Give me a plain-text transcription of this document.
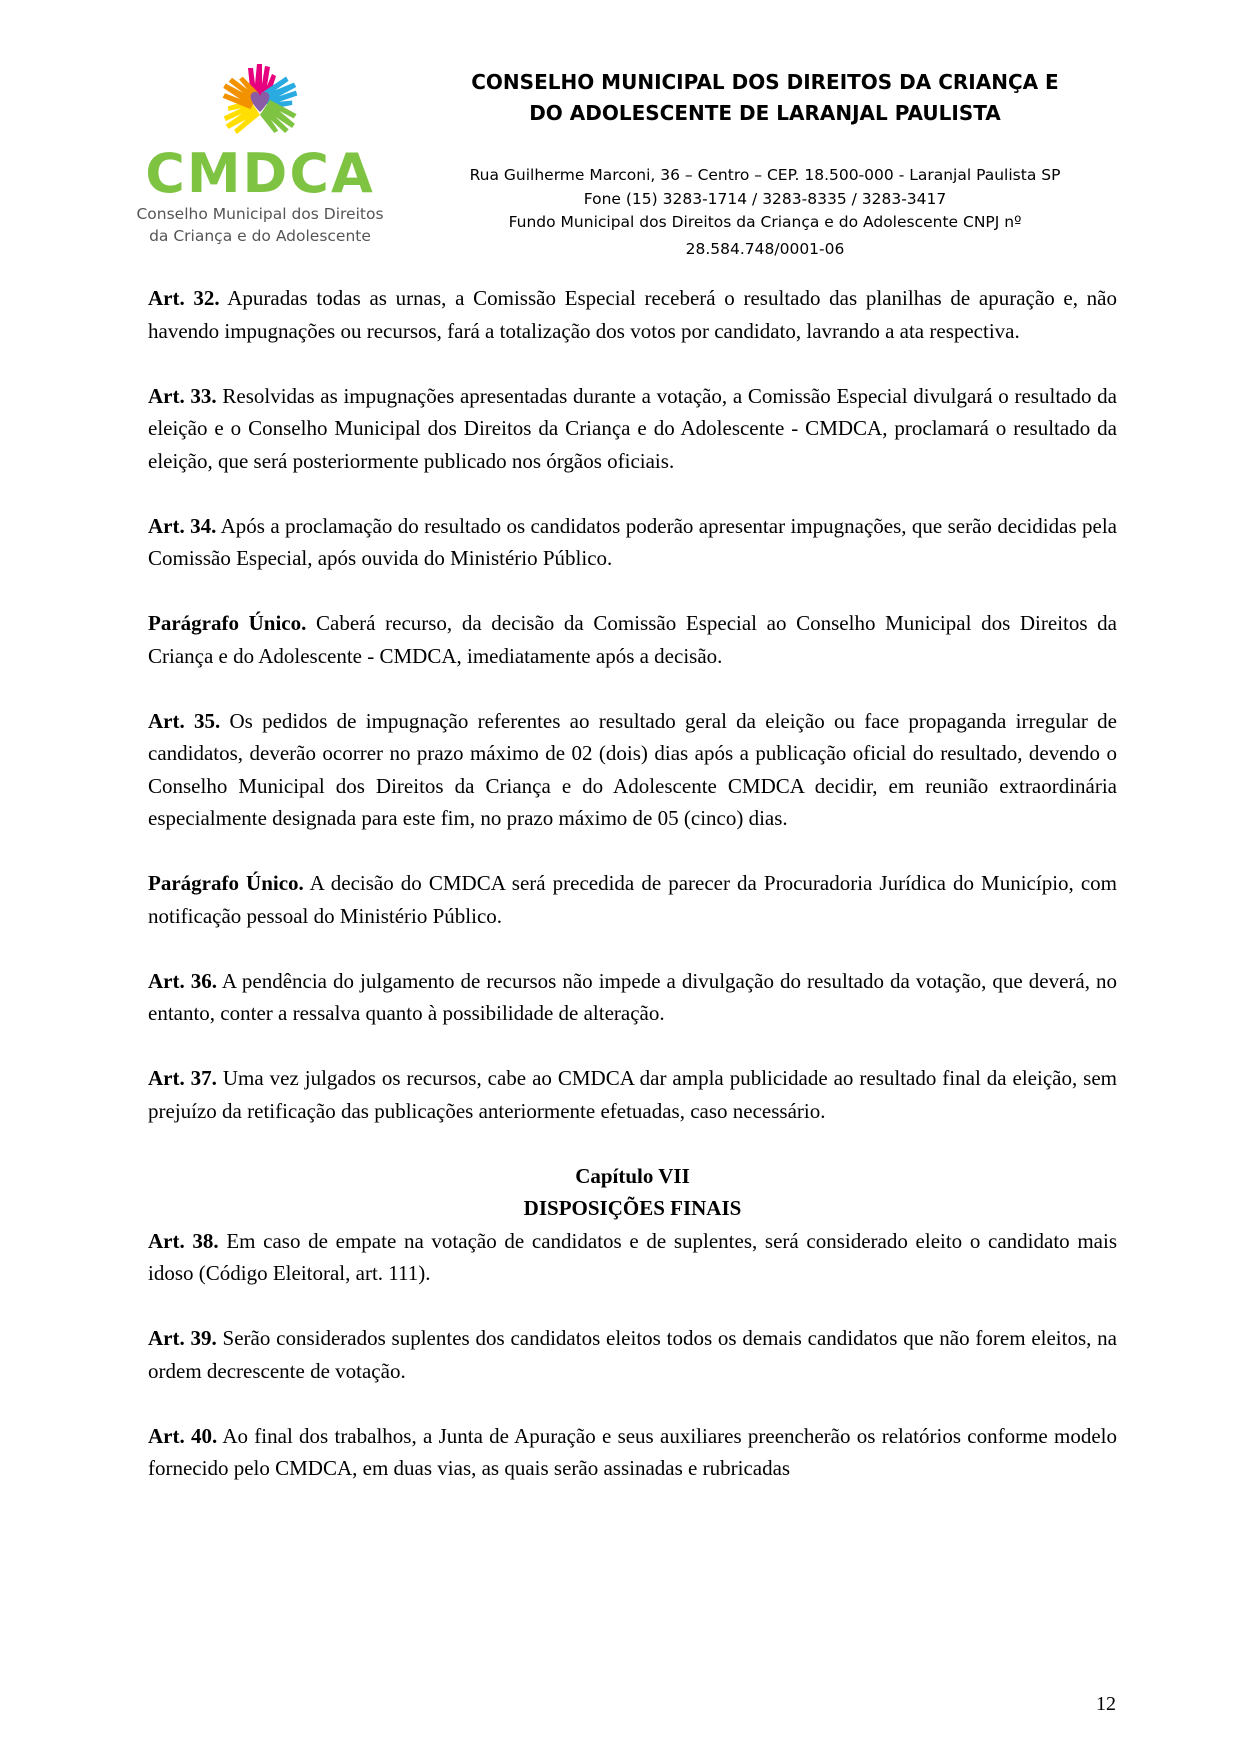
CMDCA
Conselho Municipal dos Direitos
da Criança e do Adolescente
CONSELHO MUNICIPAL DOS DIREITOS DA CRIANÇA E
DO ADOLESCENTE DE LARANJAL PAULISTA
Rua Guilherme Marconi, 36 – Centro – CEP. 18.500-000 - Laranjal Paulista SP
Fone (15) 3283-1714 / 3283-8335 / 3283-3417
Fundo Municipal dos Direitos da Criança e do Adolescente CNPJ nº
28.584.748/0001-06

Art. 32. Apuradas todas as urnas, a Comissão Especial receberá o resultado das planilhas de apuração e, não havendo impugnações ou recursos, fará a totalização dos votos por candidato, lavrando a ata respectiva.

Art. 33. Resolvidas as impugnações apresentadas durante a votação, a Comissão Especial divulgará o resultado da eleição e o Conselho Municipal dos Direitos da Criança e do Adolescente - CMDCA, proclamará o resultado da eleição, que será posteriormente publicado nos órgãos oficiais.

Art. 34. Após a proclamação do resultado os candidatos poderão apresentar impugnações, que serão decididas pela Comissão Especial, após ouvida do Ministério Público.

Parágrafo Único. Caberá recurso, da decisão da Comissão Especial ao Conselho Municipal dos Direitos da Criança e do Adolescente - CMDCA, imediatamente após a decisão.

Art. 35. Os pedidos de impugnação referentes ao resultado geral da eleição ou face propaganda irregular de candidatos, deverão ocorrer no prazo máximo de 02 (dois) dias após a publicação oficial do resultado, devendo o Conselho Municipal dos Direitos da Criança e do Adolescente CMDCA decidir, em reunião extraordinária especialmente designada para este fim, no prazo máximo de 05 (cinco) dias.

Parágrafo Único. A decisão do CMDCA será precedida de parecer da Procuradoria Jurídica do Município, com notificação pessoal do Ministério Público.

Art. 36. A pendência do julgamento de recursos não impede a divulgação do resultado da votação, que deverá, no entanto, conter a ressalva quanto à possibilidade de alteração.

Art. 37. Uma vez julgados os recursos, cabe ao CMDCA dar ampla publicidade ao resultado final da eleição, sem prejuízo da retificação das publicações anteriormente efetuadas, caso necessário.

Capítulo VII
DISPOSIÇÕES FINAIS

Art. 38. Em caso de empate na votação de candidatos e de suplentes, será considerado eleito o candidato mais idoso (Código Eleitoral, art. 111).

Art. 39. Serão considerados suplentes dos candidatos eleitos todos os demais candidatos que não forem eleitos, na ordem decrescente de votação.

Art. 40. Ao final dos trabalhos, a Junta de Apuração e seus auxiliares preencherão os relatórios conforme modelo fornecido pelo CMDCA, em duas vias, as quais serão assinadas e rubricadas

12
